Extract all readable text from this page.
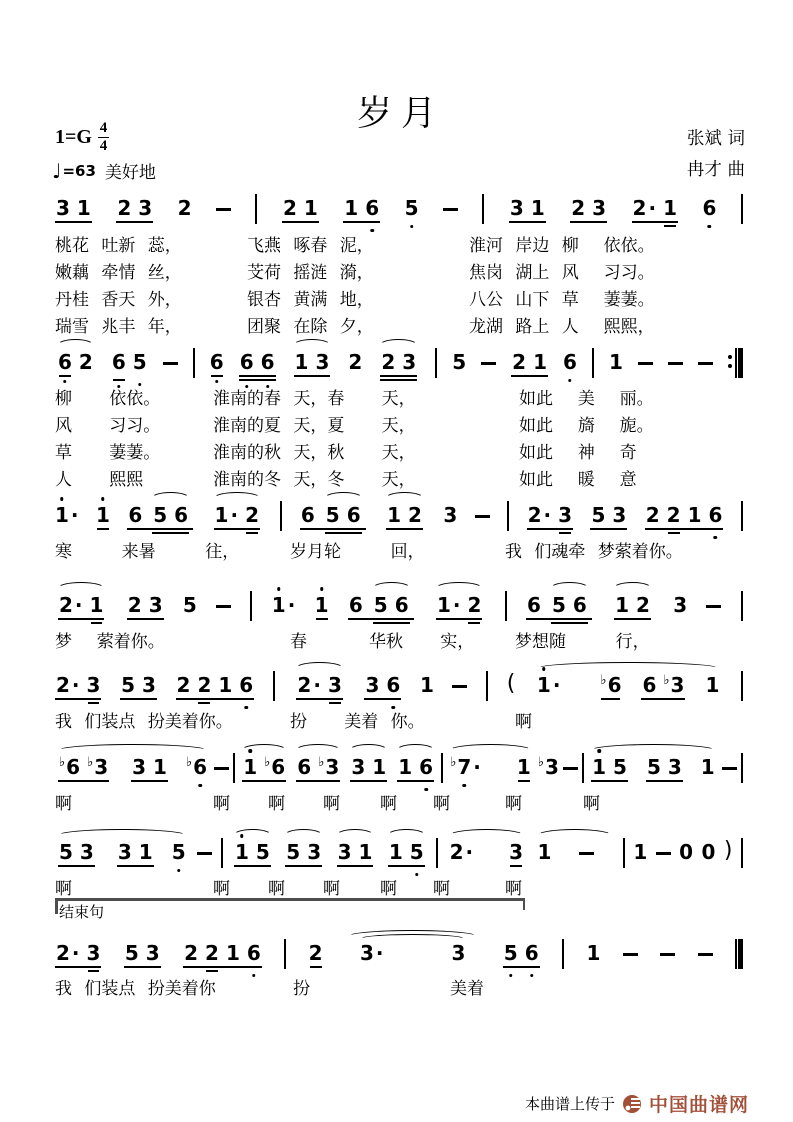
岁月
$1=G \frac{4}{4}$
♩ =63 美好地
张斌 词
冉才 曲
结束句
3 1 2 3 2	2 1 1 6 5	3 1 2 3 2 · 1 6
桃花 吐新 蕊，	飞燕 啄春 泥，	淮河 岸边 柳  依依。
嫩藕 牵情 丝，	芠荷 摇涟 漪，	焦岗 湖上 风  习习。
丹桂 香天 外，	银杏 黄满 地，	八公 山下 草  萋萋。
瑞雪 兆丰 年，	团聚 在除 夕，	龙湖 路上 人  熙熙，
6 2 6 5	6 6 6 1 3 2 2 3 5 2 1 6 1
柳   依依。	淮南的春 天，春   天，	如此  美  丽。
风   习习。	淮南的夏 天，夏   天，	如此  旖  旎。
草   萋萋。	淮南的秋 天，秋   天，	如此  神  奇
人   熙熙	淮南的冬 天，冬   天，	如此  暖  意
1 · 1 6 5 6 1 · 2 6 5 6 1 2 3	2 · 3 5 3 2 2 1 6
寒    来暑    往，	岁月轮    回，	我 们魂牵 梦萦着你。
2 · 1 2 3 5	1 · 1 6 5 6 1 · 2 6 5 6 1 2 3
梦  萦着你。	春     华秋   实，	梦想随    行，
2 · 3 5 3 2 2 1 6 2 · 3 3 6 1	( 1 ·	♭ 6 6 ♭ 3 1
我 们装点 扮美着你。	扮   美着 你。	啊
♭ 6 ♭ 3 3 1 ♭ 6 1 ♭ 6 6 ♭ 3 3 1 1 6 ♭ 7 · 1 ♭ 3 1 5 5 3 1
啊	啊	啊	啊	啊	啊	啊	啊
5 3 3 1 5 1 5 5 3 3 1 1 5 2 · 3 1	1 0 0 )
啊	啊	啊	啊	啊	啊	啊
2 · 3 5 3 2 2 1 6 2 3 ·	3 5 6 1
我 们装点 扮美着你	扮	美着
本曲谱上传于 中国曲谱网
